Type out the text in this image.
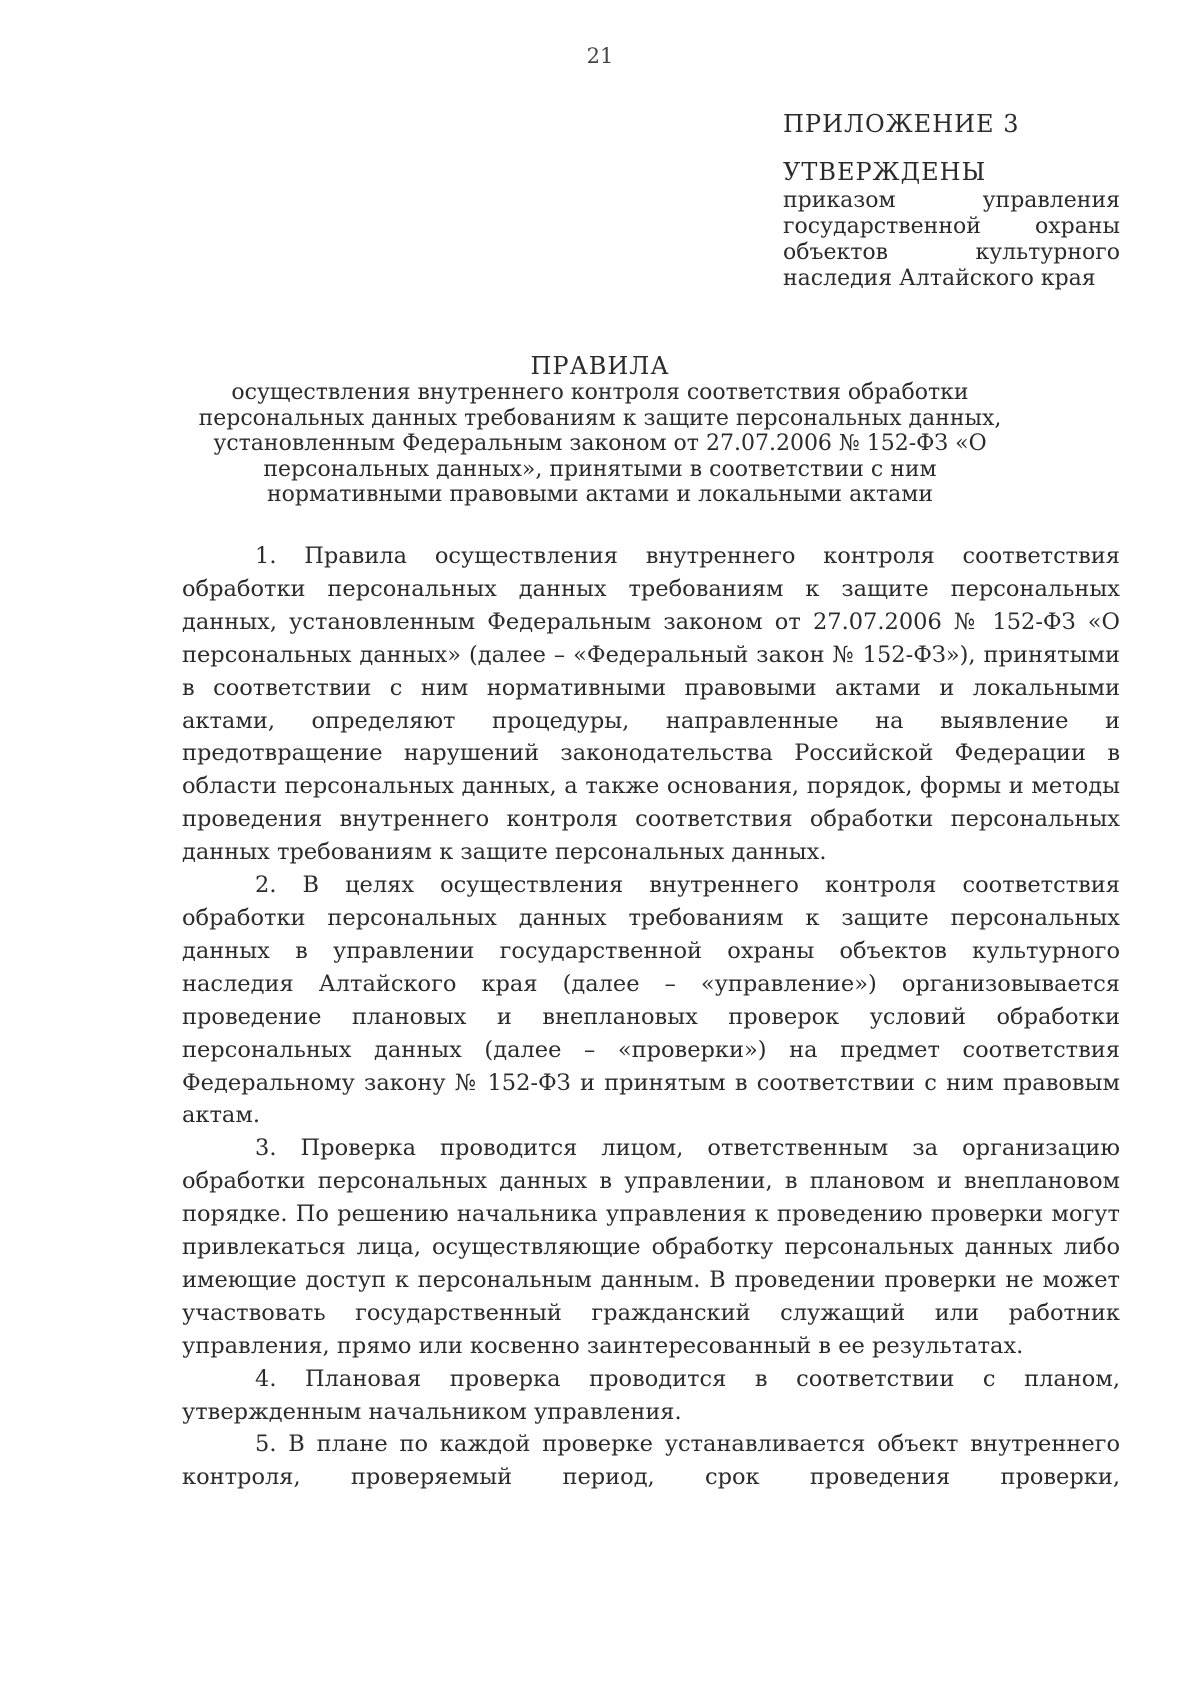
21
ПРИЛОЖЕНИЕ 3
УТВЕРЖДЕНЫ
приказом управления
государственной охраны
объектов культурного
наследия Алтайского края
ПРАВИЛА
осуществления внутреннего контроля соответствия обработки персональных данных требованиям к защите персональных данных, установленным Федеральным законом от 27.07.2006 № 152-ФЗ «О персональных данных», принятыми в соответствии с ним нормативными правовыми актами и локальными актами

1. Правила осуществления внутреннего контроля соответствия обработки персональных данных требованиям к защите персональных данных, установленным Федеральным законом от 27.07.2006 № 152-ФЗ «О персональных данных» (далее – «Федеральный закон № 152-ФЗ»), принятыми в соответствии с ним нормативными правовыми актами и локальными актами, определяют процедуры, направленные на выявление и предотвращение нарушений законодательства Российской Федерации в области персональных данных, а также основания, порядок, формы и методы проведения внутреннего контроля соответствия обработки персональных данных требованиям к защите персональных данных.

2. В целях осуществления внутреннего контроля соответствия обработки персональных данных требованиям к защите персональных данных в управлении государственной охраны объектов культурного наследия Алтайского края (далее – «управление») организовывается проведение плановых и внеплановых проверок условий обработки персональных данных (далее – «проверки») на предмет соответствия Федеральному закону № 152-ФЗ и принятым в соответствии с ним правовым актам.

3. Проверка проводится лицом, ответственным за организацию обработки персональных данных в управлении, в плановом и внеплановом порядке. По решению начальника управления к проведению проверки могут привлекаться лица, осуществляющие обработку персональных данных либо имеющие доступ к персональным данным. В проведении проверки не может участвовать государственный гражданский служащий или работник управления, прямо или косвенно заинтересованный в ее результатах.

4. Плановая проверка проводится в соответствии с планом, утвержденным начальником управления.

5. В плане по каждой проверке устанавливается объект внутреннего контроля, проверяемый период, срок проведения проверки,
